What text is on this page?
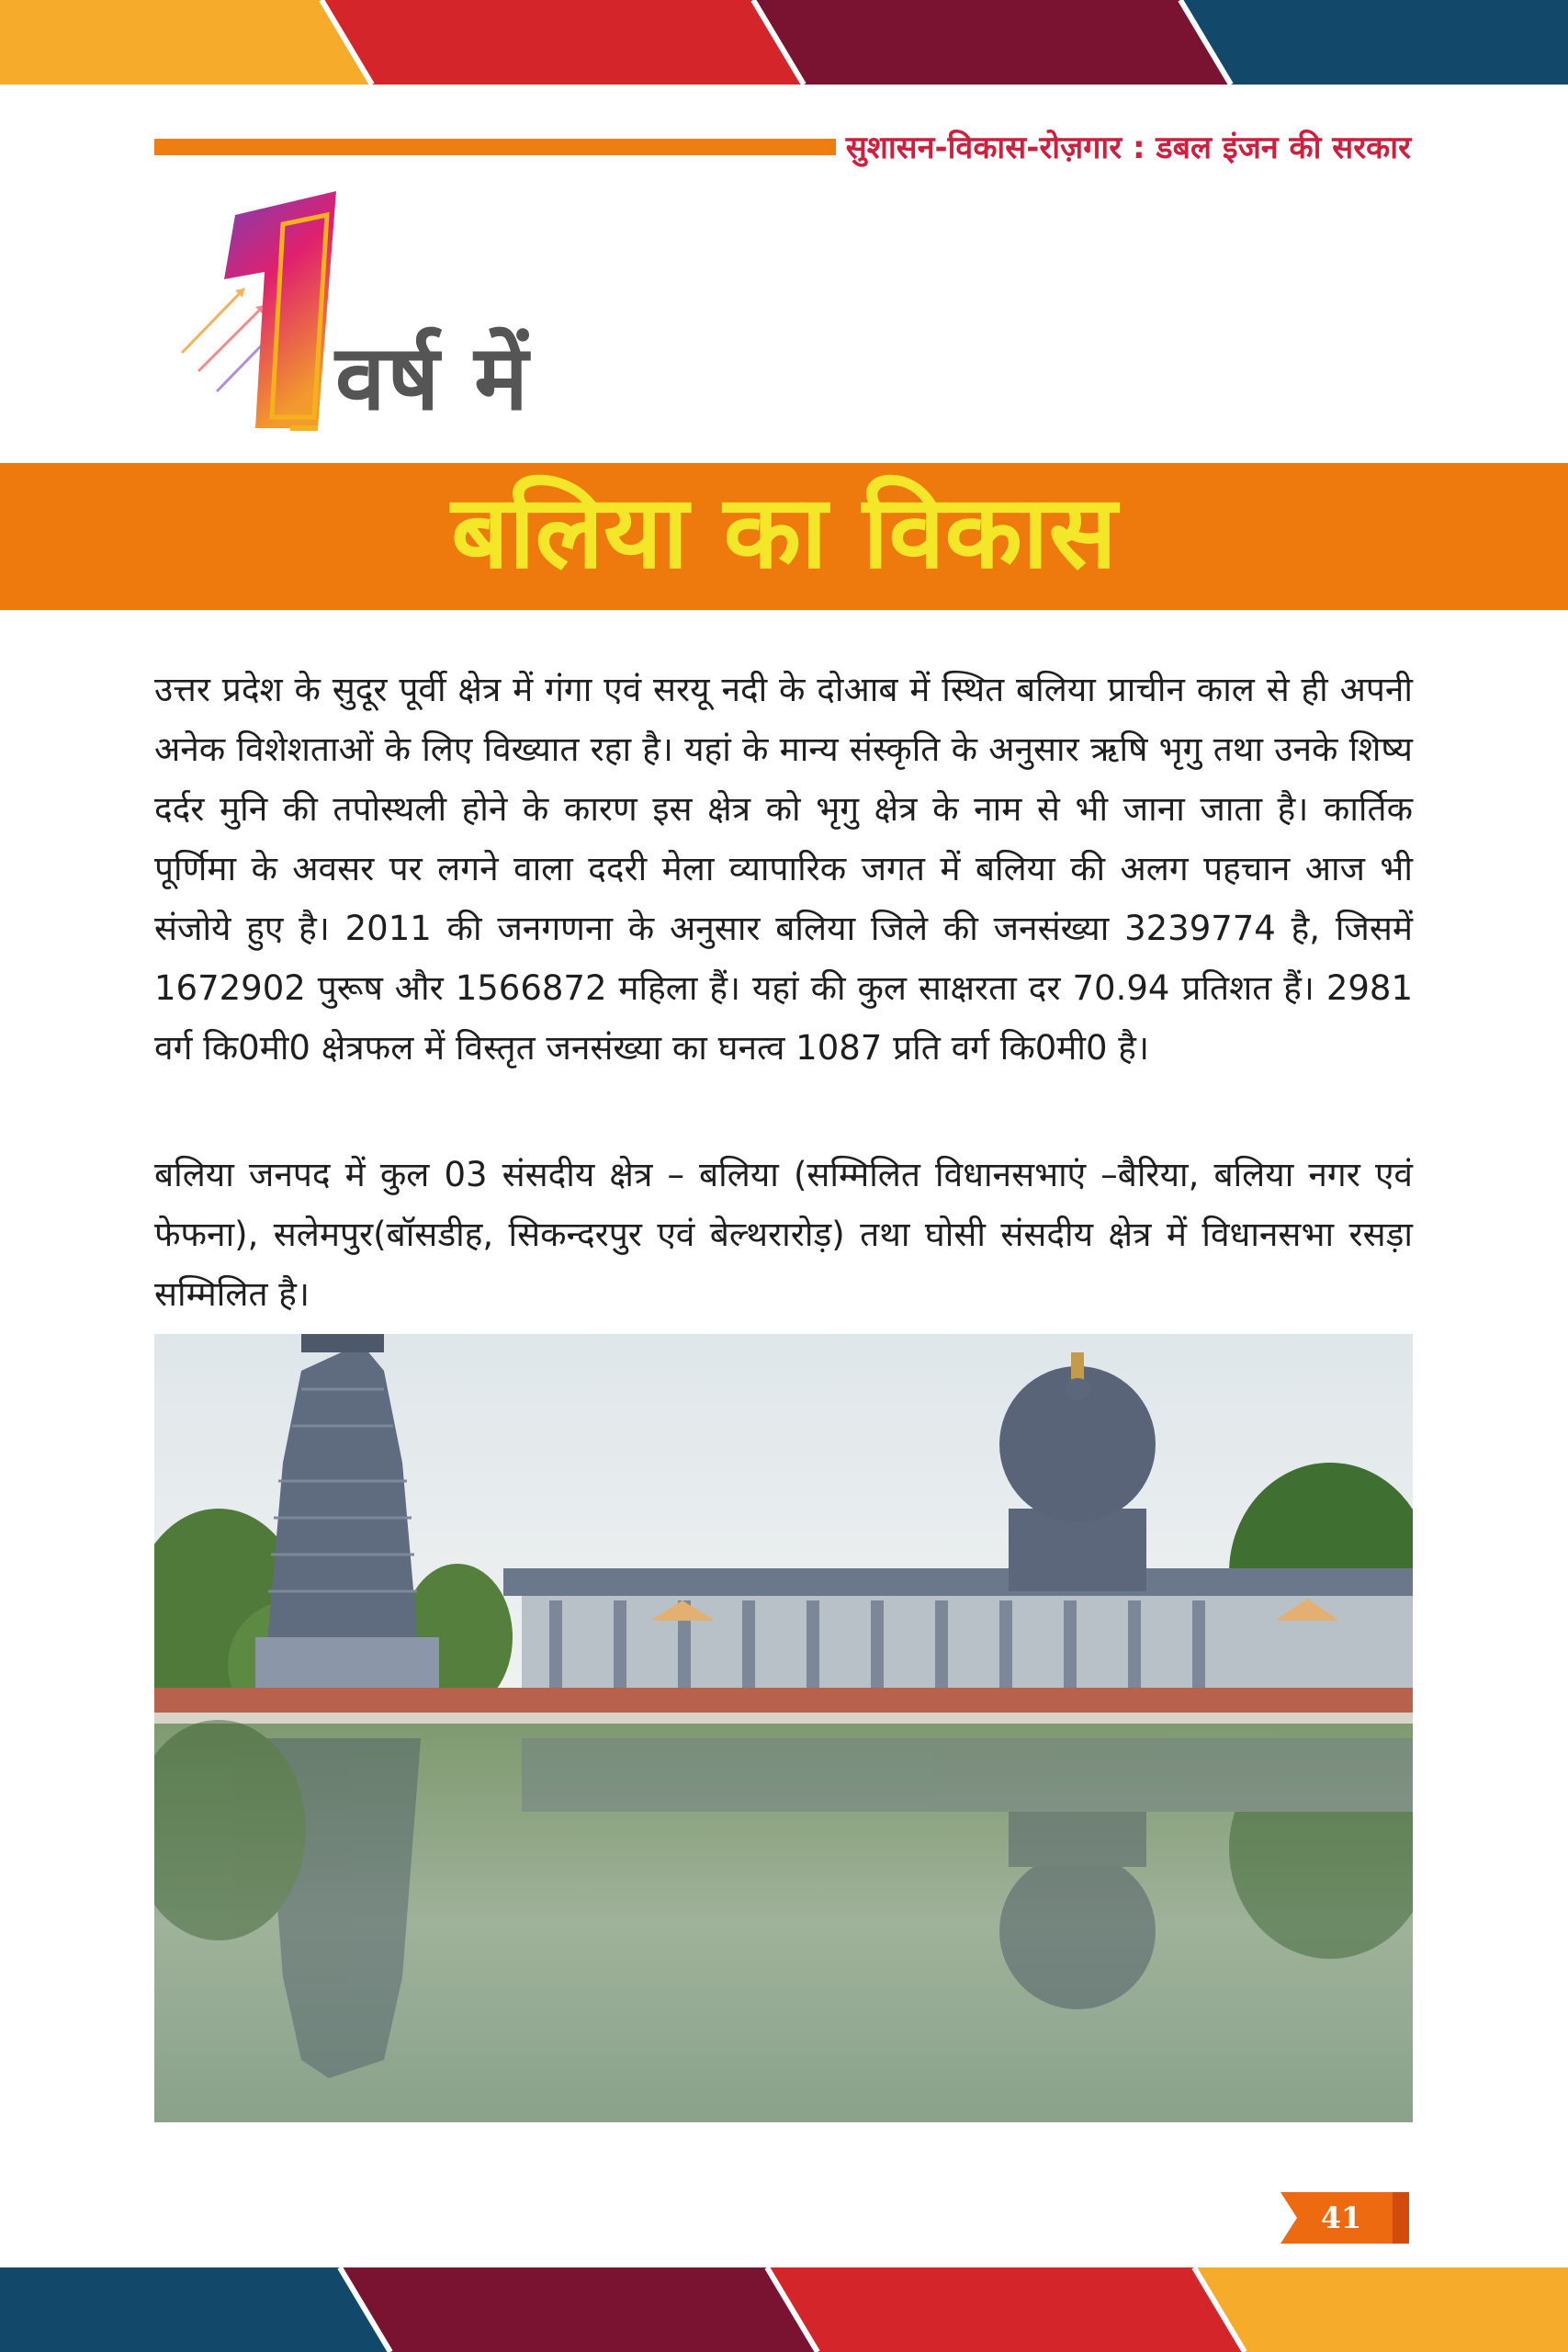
सुशासन-विकास-रोज़गार : डबल इंजन की सरकार
वर्ष में
बलिया का विकास

उत्तर प्रदेश के सुदूर पूर्वी क्षेत्र में गंगा एवं सरयू नदी के दोआब में स्थित बलिया प्राचीन काल से ही अपनी अनेक विशेशताओं के लिए विख्यात रहा है। यहां के मान्य संस्कृति के अनुसार ऋषि भृगु तथा उनके शिष्य दर्दर मुनि की तपोस्थली होने के कारण इस क्षेत्र को भृगु क्षेत्र के नाम से भी जाना जाता है। कार्तिक पूर्णिमा के अवसर पर लगने वाला ददरी मेला व्यापारिक जगत में बलिया की अलग पहचान आज भी संजोये हुए है। 2011 की जनगणना के अनुसार बलिया जिले की जनसंख्या 3239774 है, जिसमें 1672902 पुरूष और 1566872 महिला हैं। यहां की कुल साक्षरता दर 70.94 प्रतिशत हैं। 2981 वर्ग कि0मी0 क्षेत्रफल में विस्तृत जनसंख्या का घनत्व 1087 प्रति वर्ग कि0मी0 है।

बलिया जनपद में कुल 03 संसदीय क्षेत्र – बलिया (सम्मिलित विधानसभाएं –बैरिया, बलिया नगर एवं फेफना), सलेमपुर(बॉसडीह, सिकन्दरपुर एवं बेल्थरारोड़) तथा घोसी संसदीय क्षेत्र में विधानसभा रसड़ा सम्मिलित है।

41
